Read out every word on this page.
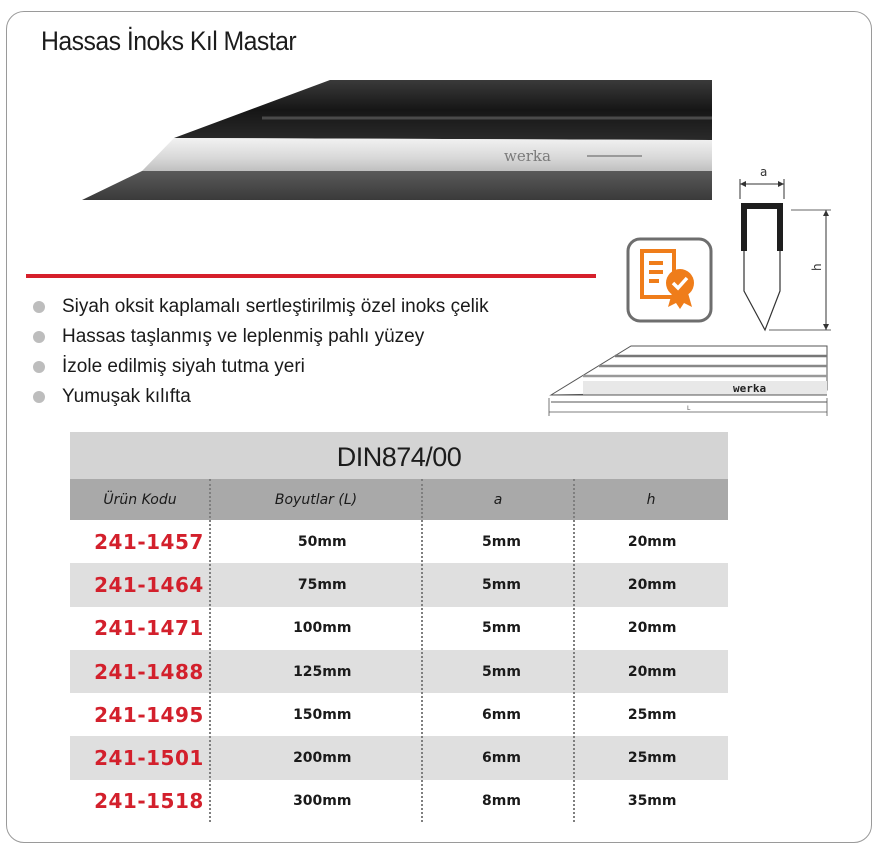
Hassas İnoks Kıl Mastar
werka
a
h
werka
L
Siyah oksit kaplamalı sertleştirilmiş özel inoks çelik
Hassas taşlanmış ve leplenmiş pahlı yüzey
İzole edilmiş siyah tutma yeri
Yumuşak kılıfta
DIN874/00
Ürün Kodu	Boyutlar (L)	a	h
241-1457	50mm	5mm	20mm
241-1464	75mm	5mm	20mm
241-1471	100mm	5mm	20mm
241-1488	125mm	5mm	20mm
241-1495	150mm	6mm	25mm
241-1501	200mm	6mm	25mm
241-1518	300mm	8mm	35mm
